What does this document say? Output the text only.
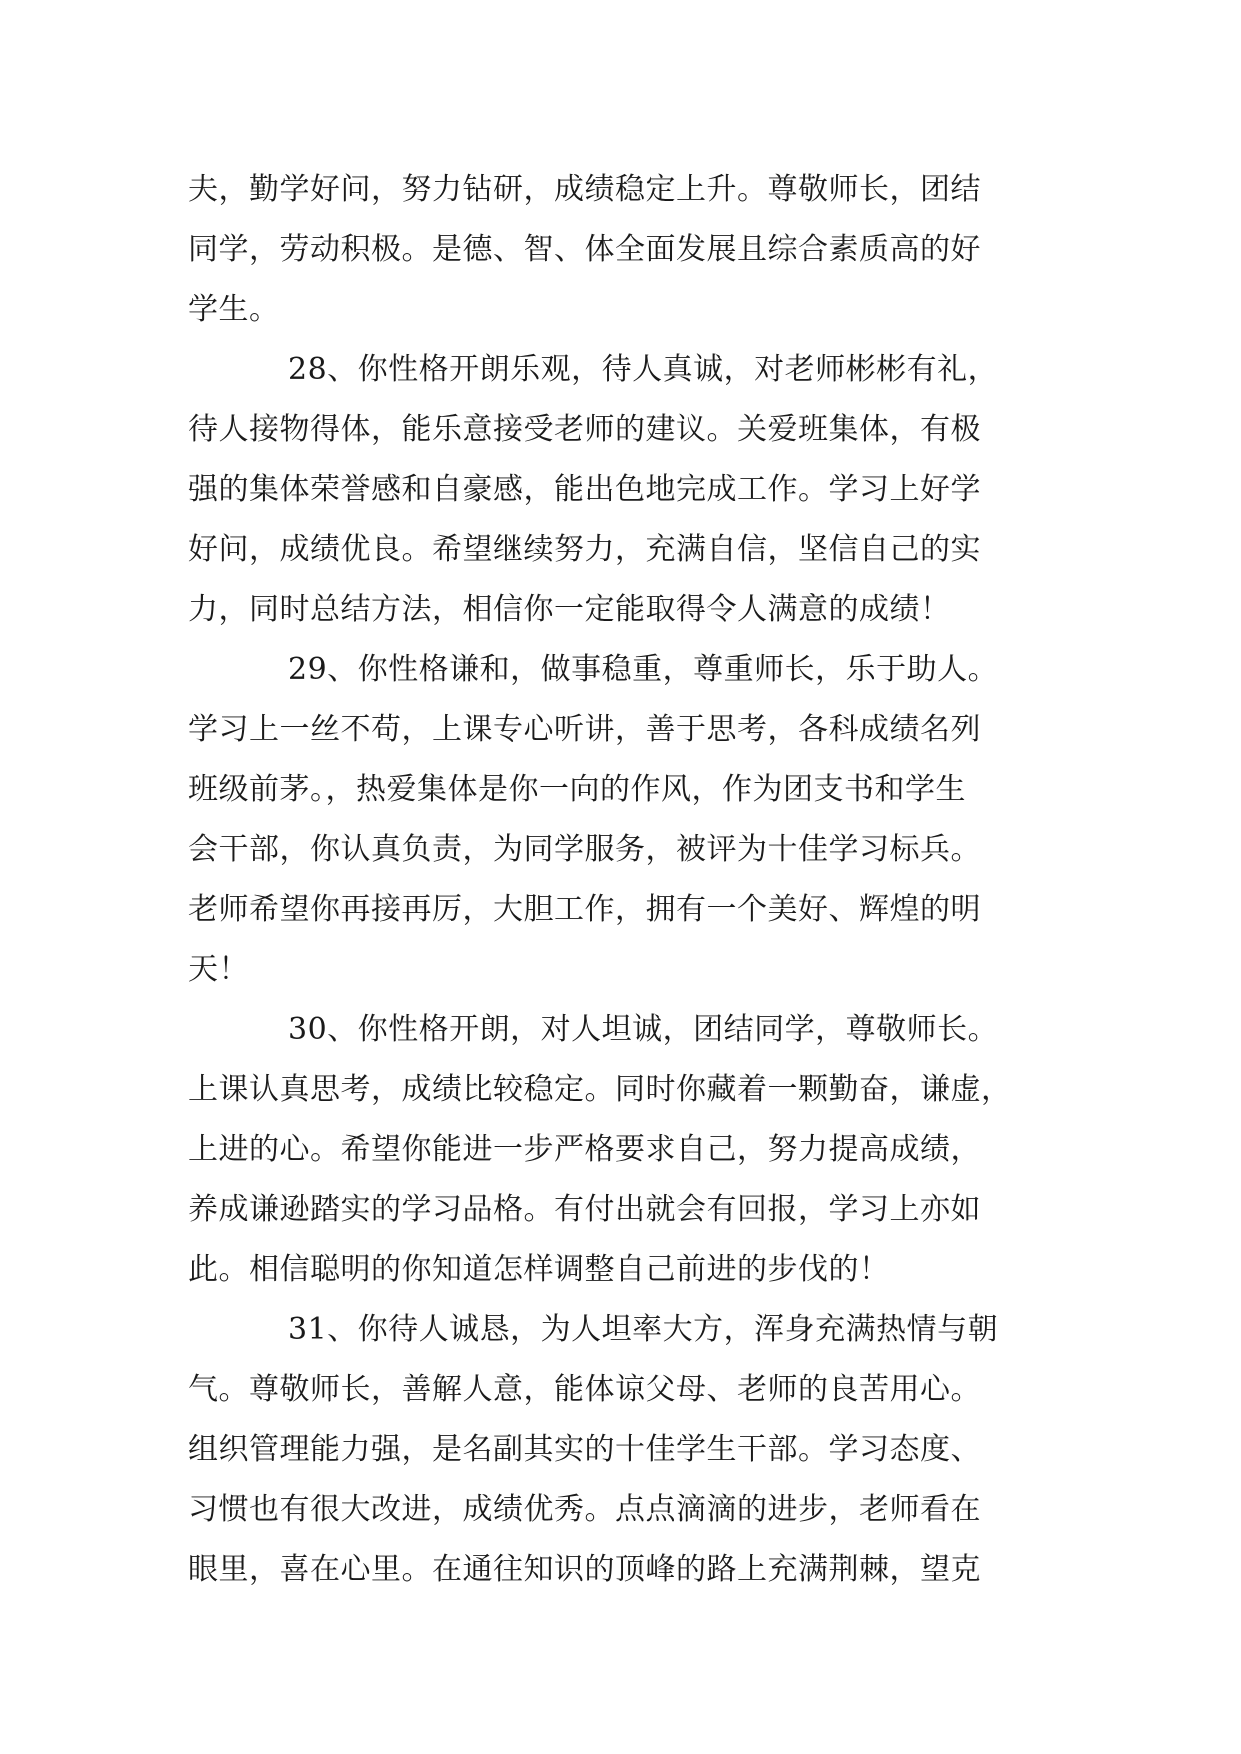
夫，勤学好问，努力钻研，成绩稳定上升。尊敬师长，团结
同学，劳动积极。是德、智、体全面发展且综合素质高的好
学生。
28、你性格开朗乐观，待人真诚，对老师彬彬有礼，
待人接物得体，能乐意接受老师的建议。关爱班集体，有极
强的集体荣誉感和自豪感，能出色地完成工作。学习上好学
好问，成绩优良。希望继续努力，充满自信，坚信自己的实
力，同时总结方法，相信你一定能取得令人满意的成绩！
29、你性格谦和，做事稳重，尊重师长，乐于助人。
学习上一丝不苟，上课专心听讲，善于思考，各科成绩名列
班级前茅。，热爱集体是你一向的作风，作为团支书和学生
会干部，你认真负责，为同学服务，被评为十佳学习标兵。
老师希望你再接再厉，大胆工作，拥有一个美好、辉煌的明
天！
30、你性格开朗，对人坦诚，团结同学，尊敬师长。
上课认真思考，成绩比较稳定。同时你藏着一颗勤奋，谦虚，
上进的心。希望你能进一步严格要求自己，努力提高成绩，
养成谦逊踏实的学习品格。有付出就会有回报，学习上亦如
此。相信聪明的你知道怎样调整自己前进的步伐的！
31、你待人诚恳，为人坦率大方，浑身充满热情与朝
气。尊敬师长，善解人意，能体谅父母、老师的良苦用心。
组织管理能力强，是名副其实的十佳学生干部。学习态度、
习惯也有很大改进，成绩优秀。点点滴滴的进步，老师看在
眼里，喜在心里。在通往知识的顶峰的路上充满荆棘，望克
